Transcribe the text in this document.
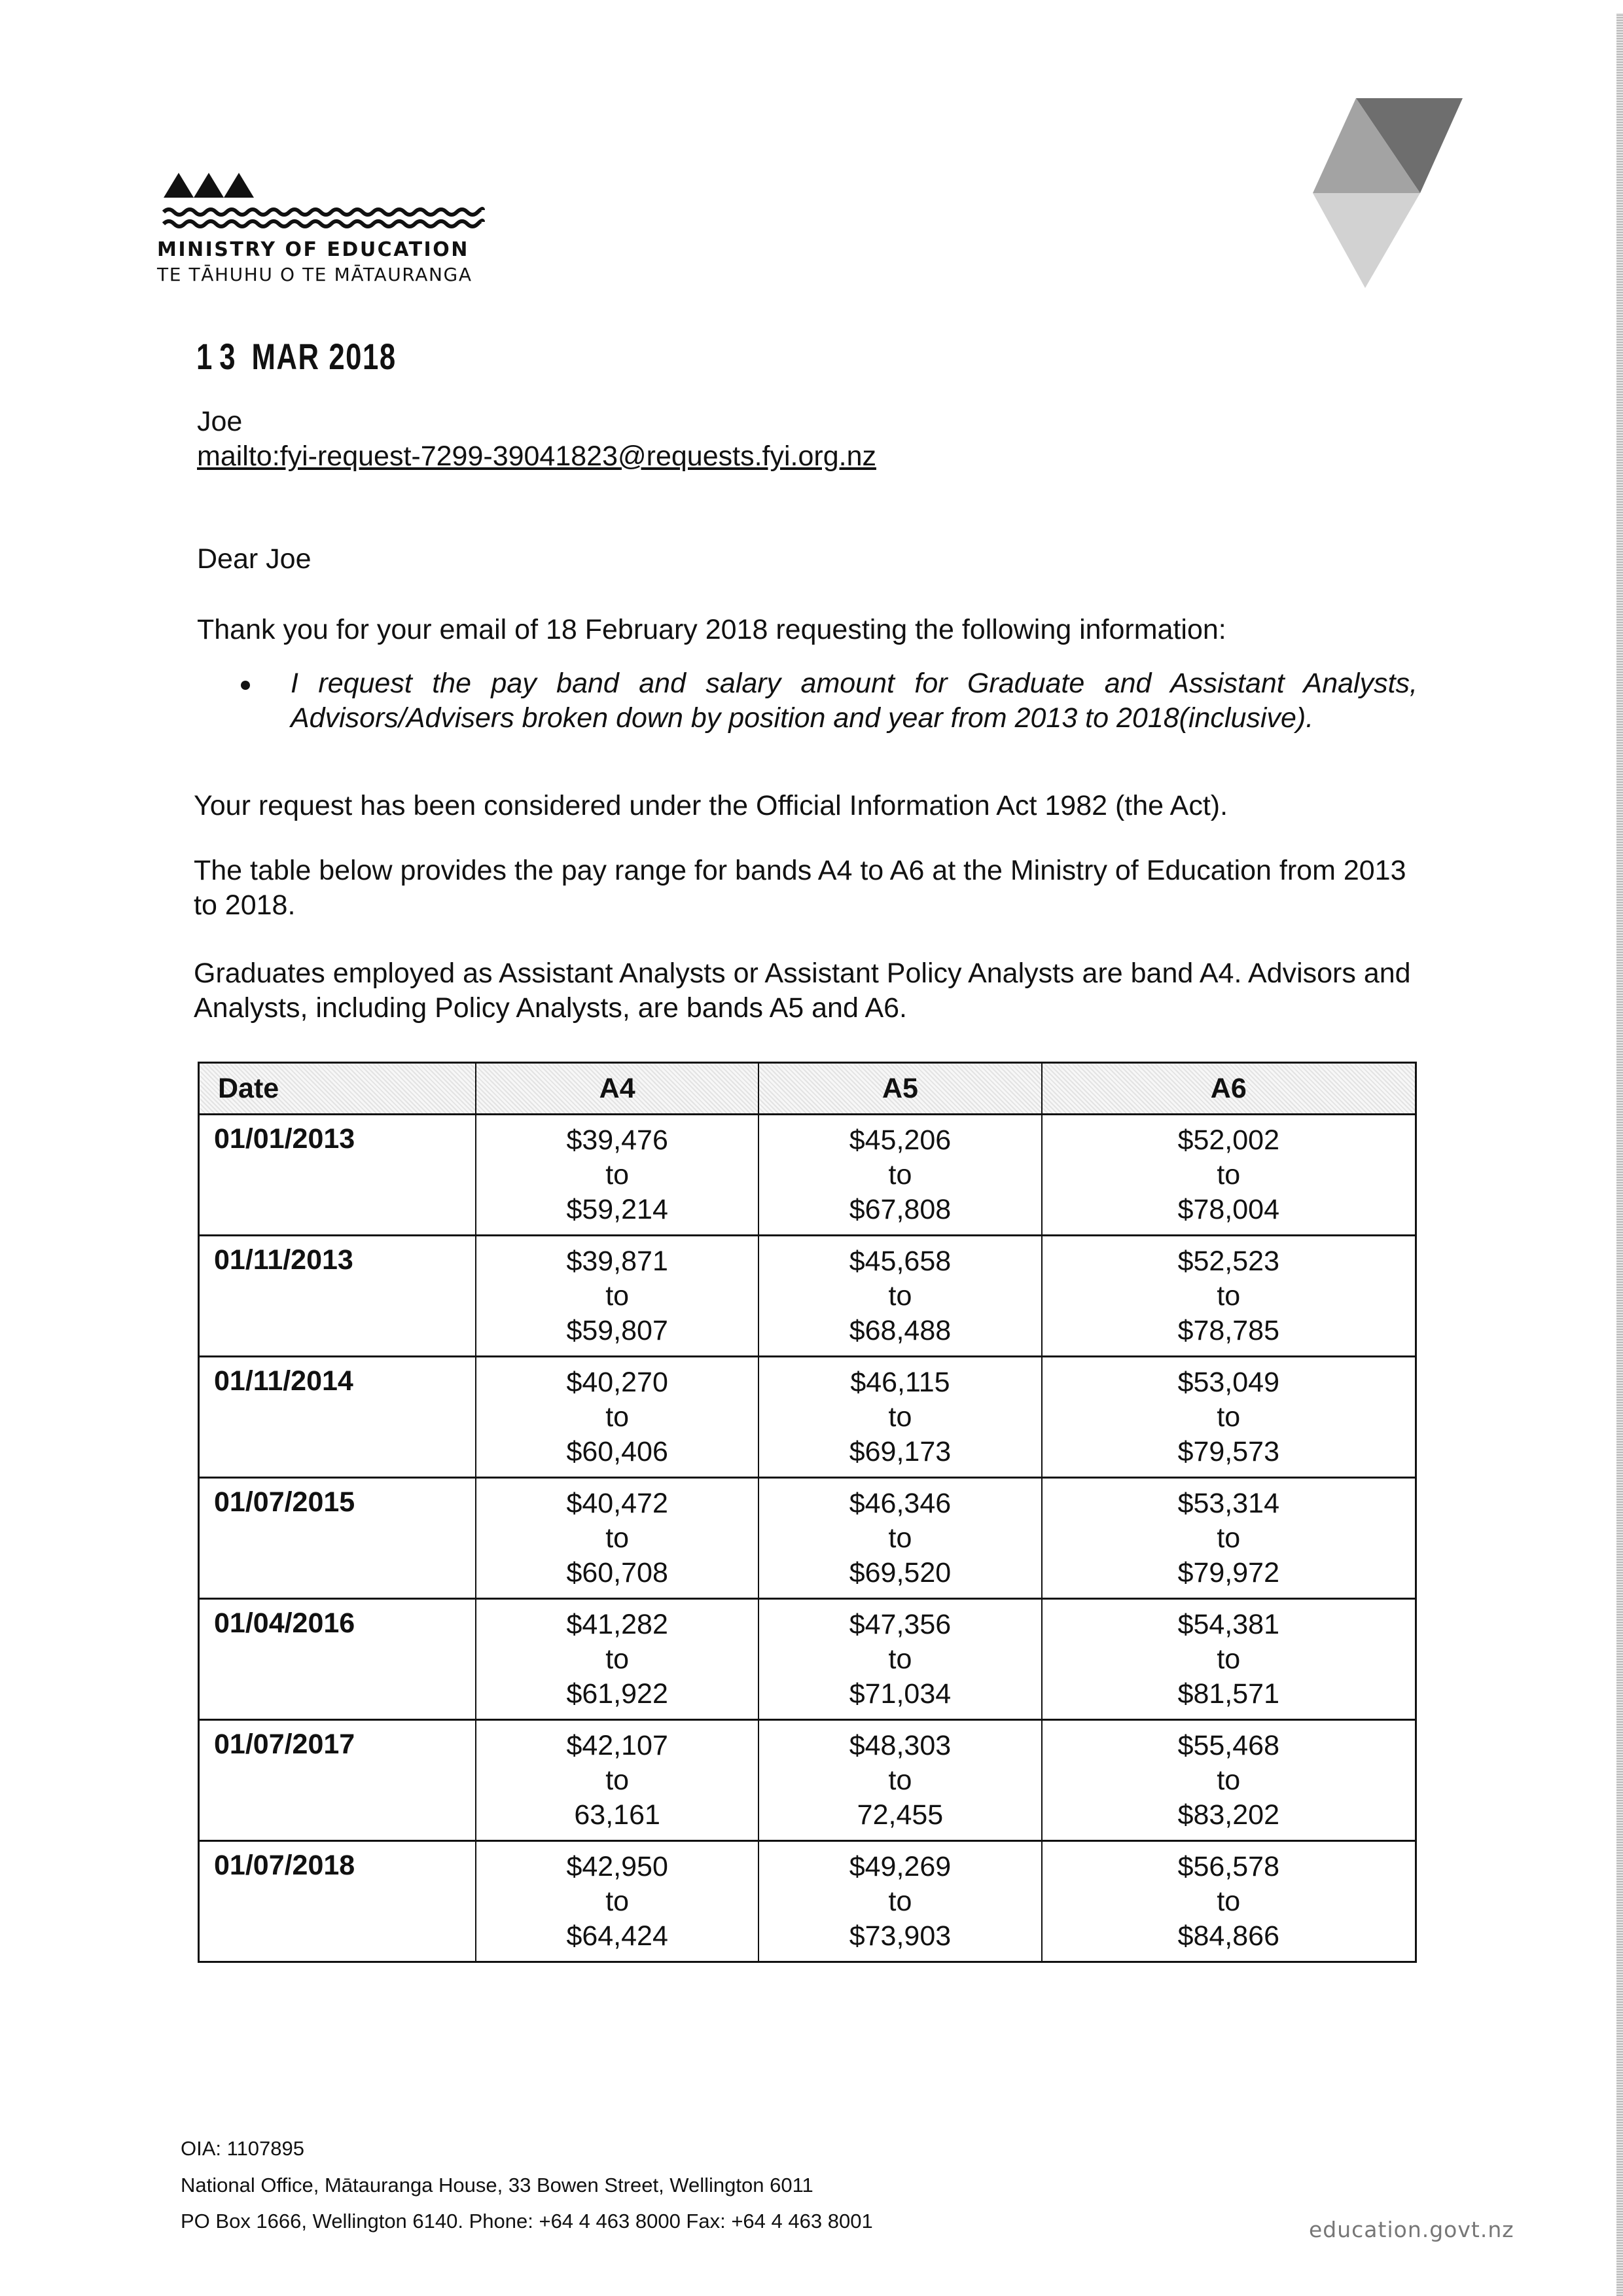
MINISTRY OF EDUCATION
TE TĀHUHU O TE MĀTAURANGA
13 MAR 2018
Joe
mailto:fyi-request-7299-39041823@requests.fyi.org.nz
Dear Joe
Thank you for your email of 18 February 2018 requesting the following information:
I request the pay band and salary amount for Graduate and Assistant Analysts,
Advisors/Advisers broken down by position and year from 2013 to 2018(inclusive).
Your request has been considered under the Official Information Act 1982 (the Act).
The table below provides the pay range for bands A4 to A6 at the Ministry of Education from 2013 to 2018.
Graduates employed as Assistant Analysts or Assistant Policy Analysts are band A4. Advisors and Analysts, including Policy Analysts, are bands A5 and A6.
Date	A4	A5	A6
01/01/2013	$39,476
to
$59,214	$45,206
to
$67,808	$52,002
to
$78,004

01/11/2013	$39,871
to
$59,807	$45,658
to
$68,488	$52,523
to
$78,785

01/11/2014	$40,270
to
$60,406	$46,115
to
$69,173	$53,049
to
$79,573

01/07/2015	$40,472
to
$60,708	$46,346
to
$69,520	$53,314
to
$79,972

01/04/2016	$41,282
to
$61,922	$47,356
to
$71,034	$54,381
to
$81,571

01/07/2017	$42,107
to
63,161	$48,303
to
72,455	$55,468
to
$83,202

01/07/2018	$42,950
to
$64,424	$49,269
to
$73,903	$56,578
to
$84,866
OIA: 1107895
National Office, Mātauranga House, 33 Bowen Street, Wellington 6011
PO Box 1666, Wellington 6140. Phone: +64 4 463 8000 Fax: +64 4 463 8001	education.govt.nz
